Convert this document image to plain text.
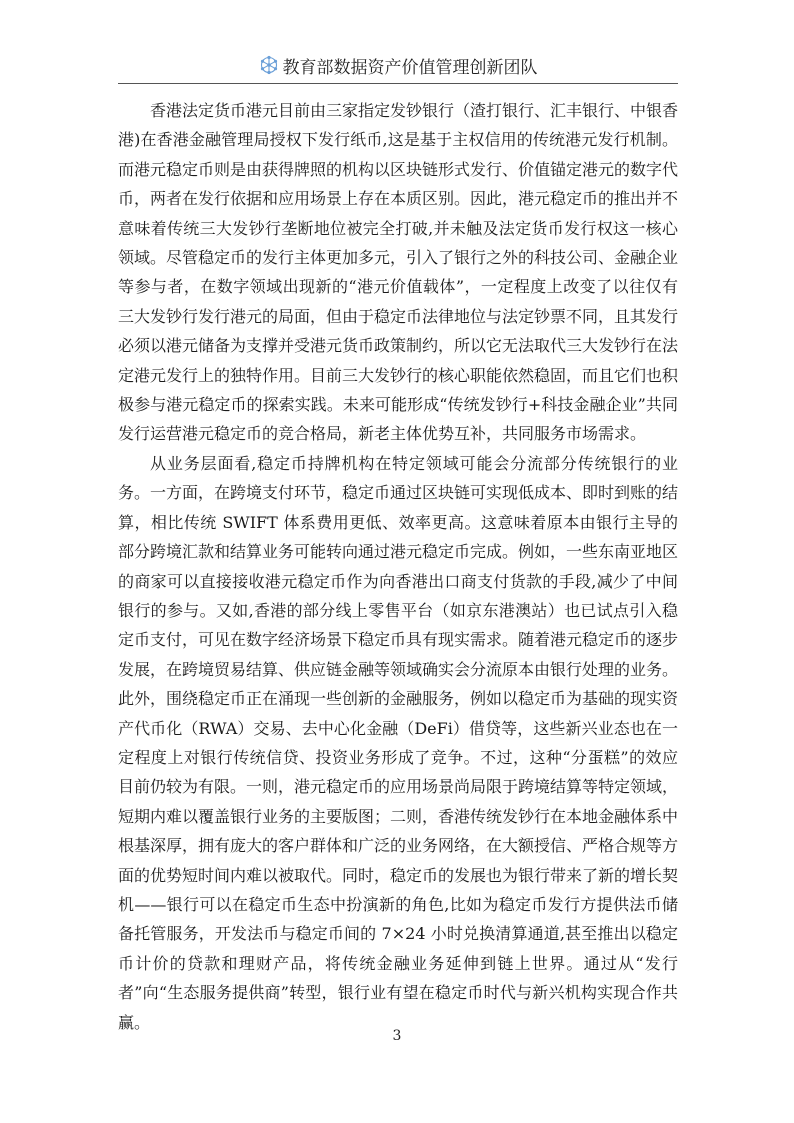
教育部数据资产价值管理创新团队

香港法定货币港元目前由三家指定发钞银行（渣打银行、汇丰银行、中银香港)在香港金融管理局授权下发行纸币,这是基于主权信用的传统港元发行机制。而港元稳定币则是由获得牌照的机构以区块链形式发行、价值锚定港元的数字代币，两者在发行依据和应用场景上存在本质区别。因此，港元稳定币的推出并不意味着传统三大发钞行垄断地位被完全打破,并未触及法定货币发行权这一核心领域。尽管稳定币的发行主体更加多元，引入了银行之外的科技公司、金融企业等参与者，在数字领域出现新的“港元价值载体”，一定程度上改变了以往仅有三大发钞行发行港元的局面，但由于稳定币法律地位与法定钞票不同，且其发行必须以港元储备为支撑并受港元货币政策制约，所以它无法取代三大发钞行在法定港元发行上的独特作用。目前三大发钞行的核心职能依然稳固，而且它们也积极参与港元稳定币的探索实践。未来可能形成“传统发钞行+科技金融企业”共同发行运营港元稳定币的竞合格局，新老主体优势互补，共同服务市场需求。

从业务层面看,稳定币持牌机构在特定领域可能会分流部分传统银行的业务。一方面，在跨境支付环节，稳定币通过区块链可实现低成本、即时到账的结算，相比传统 SWIFT 体系费用更低、效率更高。这意味着原本由银行主导的部分跨境汇款和结算业务可能转向通过港元稳定币完成。例如，一些东南亚地区的商家可以直接接收港元稳定币作为向香港出口商支付货款的手段,减少了中间银行的参与。又如,香港的部分线上零售平台（如京东港澳站）也已试点引入稳定币支付，可见在数字经济场景下稳定币具有现实需求。随着港元稳定币的逐步发展，在跨境贸易结算、供应链金融等领域确实会分流原本由银行处理的业务。此外，围绕稳定币正在涌现一些创新的金融服务，例如以稳定币为基础的现实资产代币化（RWA）交易、去中心化金融（DeFi）借贷等，这些新兴业态也在一定程度上对银行传统信贷、投资业务形成了竞争。不过，这种“分蛋糕”的效应目前仍较为有限。一则，港元稳定币的应用场景尚局限于跨境结算等特定领域，短期内难以覆盖银行业务的主要版图；二则，香港传统发钞行在本地金融体系中根基深厚，拥有庞大的客户群体和广泛的业务网络，在大额授信、严格合规等方面的优势短时间内难以被取代。同时，稳定币的发展也为银行带来了新的增长契机——银行可以在稳定币生态中扮演新的角色,比如为稳定币发行方提供法币储备托管服务，开发法币与稳定币间的 7×24 小时兑换清算通道,甚至推出以稳定币计价的贷款和理财产品，将传统金融业务延伸到链上世界。通过从“发行者”向“生态服务提供商”转型，银行业有望在稳定币时代与新兴机构实现合作共赢。

3
